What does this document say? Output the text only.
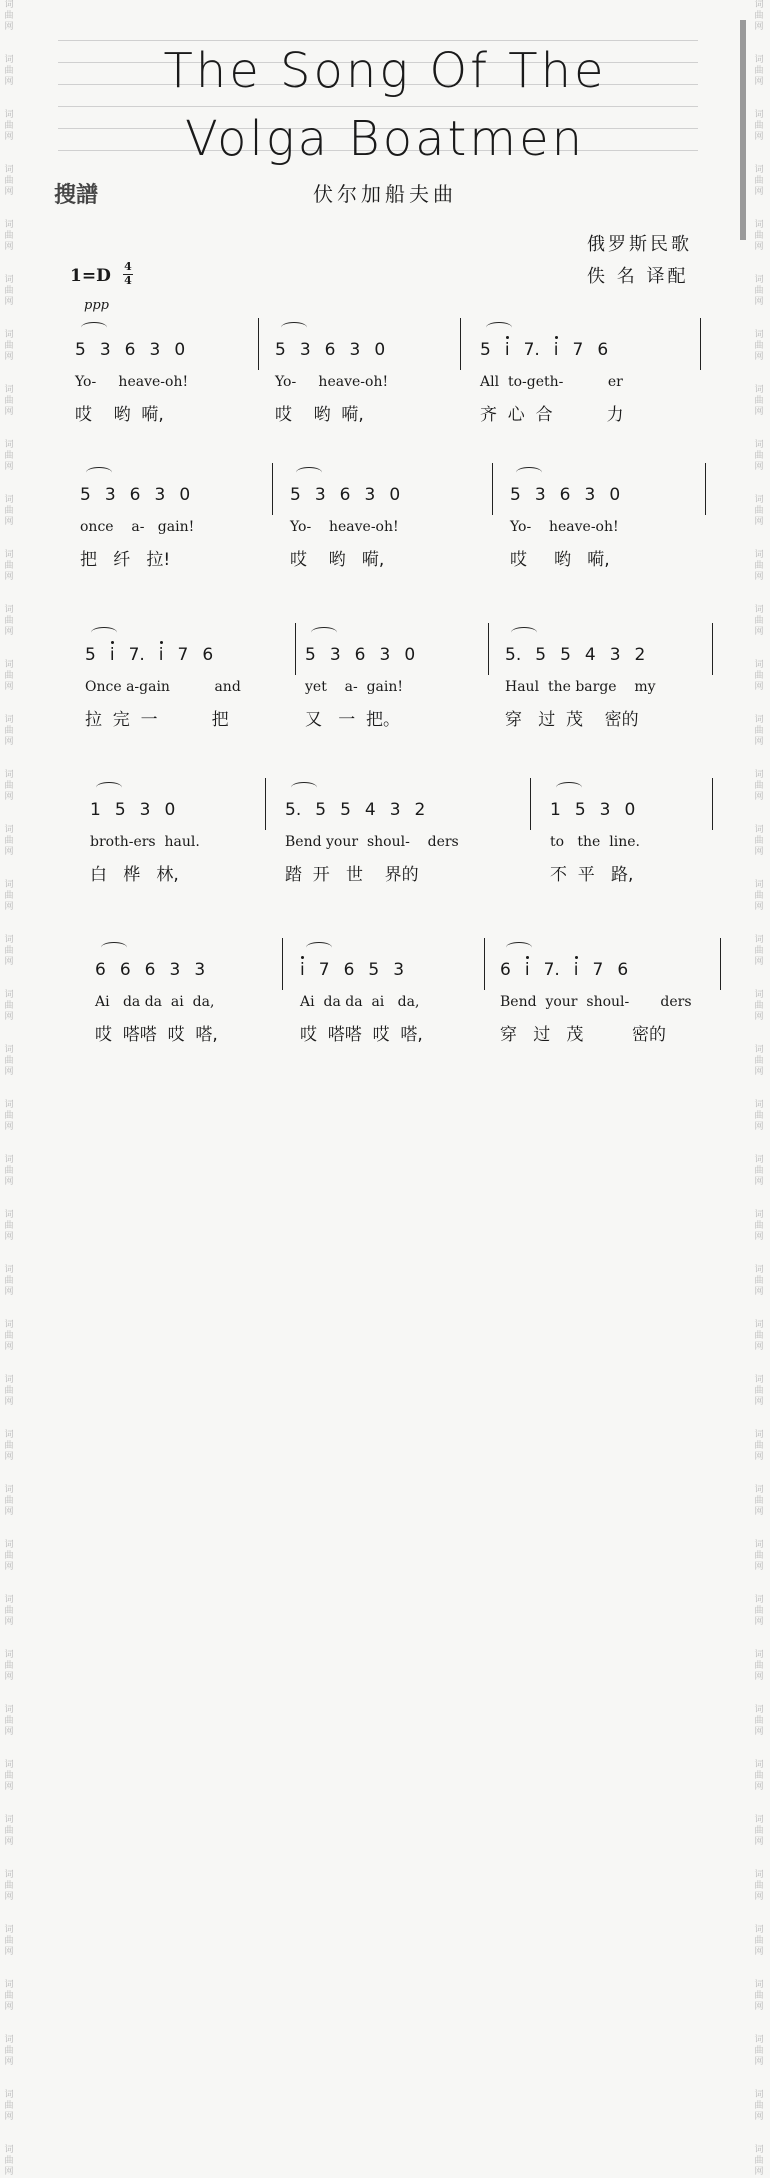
词
曲
网

词
曲
网

词
曲
网

词
曲
网

词
曲
网

词
曲
网

词
曲
网

词
曲
网

词
曲
网

词
曲
网

词
曲
网

词
曲
网

词
曲
网

词
曲
网

词
曲
网

词
曲
网

词
曲
网

词
曲
网

词
曲
网

词
曲
网

词
曲
网

词
曲
网

词
曲
网

词
曲
网

词
曲
网

词
曲
网

词
曲
网

词
曲
网

词
曲
网

词
曲
网

词
曲
网

词
曲
网

词
曲
网

词
曲
网

词
曲
网

词
曲
网

词
曲
网

词
曲
网

词
曲
网

词
曲
网

词
曲
网

词
曲
网

词
曲
网

词
曲
网

词
曲
网

词
曲
网

词
曲
网

词
曲
网

词
曲
网

词
曲
网

词
曲
网

词
曲
网

词
曲
网

词
曲
网

词
曲
网

词
曲
网

词
曲
网

词
曲
网

词
曲
网

词
曲
网

词
曲
网

词
曲
网

词
曲
网

词
曲
网

词
曲
网

词
曲
网

词
曲
网

词
曲
网

词
曲
网

词
曲
网

词
曲
网

词
曲
网

词
曲
网

词
曲
网

词
曲
网

词
曲
网

词
曲
网

词
曲
网

词
曲
网

词
曲
网

The Song Of The
Volga Boatmen
搜譜	伏尔加船夫曲
俄罗斯民歌
佚 名 译配
1=D 4
4
ppp
5 3 6 3 0
Yo-     heave-oh!
哎    哟  嗬,
5 3 6 3 0
Yo-     heave-oh!
哎    哟  嗬,
5 i 7. i 7 6
All  to-geth-          er
齐  心  合          力
5 3 6 3 0
once    a-   gain!
把   纤   拉!
5 3 6 3 0
Yo-    heave-oh!
哎    哟   嗬,
5 3 6 3 0
Yo-    heave-oh!
哎     哟   嗬,
5 i 7. i 7 6
Once a-gain          and
拉  完  一          把
5 3 6 3 0
yet    a-  gain!
又   一  把。
5. 5 5 4 3 2
Haul  the barge    my
穿   过  茂    密的
1 5 3 0
broth-ers  haul.
白   桦   林,
5. 5 5 4 3 2
Bend your  shoul-    ders
踏  开   世    界的
1 5 3 0
to   the  line.
不  平   路,
6 6 6 3 3
Ai   da da  ai  da,
哎  嗒嗒  哎  嗒,
i 7 6 5 3
Ai  da da  ai   da,
哎  嗒嗒  哎  嗒,
6 i 7. i 7 6
Bend  your  shoul-       ders
穿   过   茂         密的
